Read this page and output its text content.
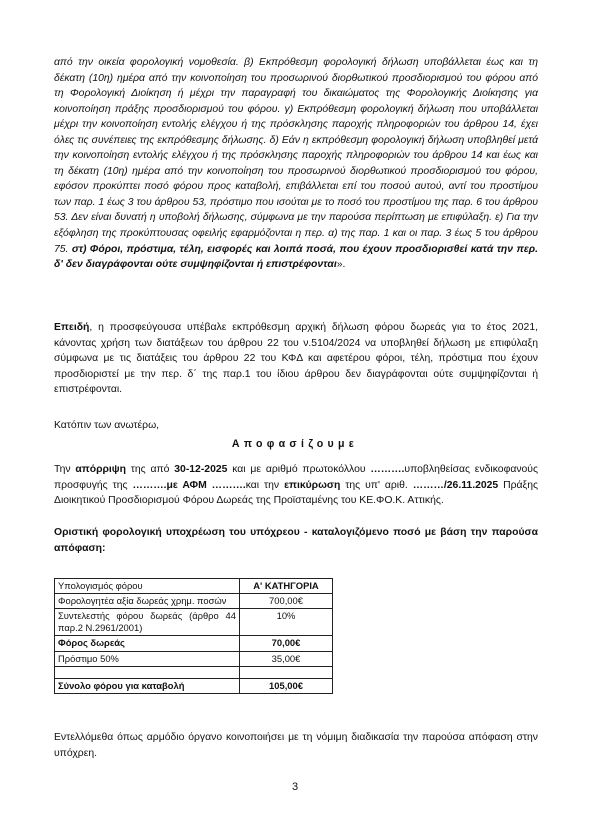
από την οικεία φορολογική νομοθεσία. β) Εκπρόθεσμη φορολογική δήλωση υποβάλλεται έως και τη δέκατη (10η) ημέρα από την κοινοποίηση του προσωρινού διορθωτικού προσδιορισμού του φόρου από τη Φορολογική Διοίκηση ή μέχρι την παραγραφή του δικαιώματος της Φορολογικής Διοίκησης για κοινοποίηση πράξης προσδιορισμού του φόρου. γ) Εκπρόθεσμη φορολογική δήλωση που υποβάλλεται μέχρι την κοινοποίηση εντολής ελέγχου ή της πρόσκλησης παροχής πληροφοριών του άρθρου 14, έχει όλες τις συνέπειες της εκπρόθεσμης δήλωσης. δ) Εάν η εκπρόθεσμη φορολογική δήλωση υποβληθεί μετά την κοινοποίηση εντολής ελέγχου ή της πρόσκλησης παροχής πληροφοριών του άρθρου 14 και έως και τη δέκατη (10η) ημέρα από την κοινοποίηση του προσωρινού διορθωτικού προσδιορισμού του φόρου, εφόσον προκύπτει ποσό φόρου προς καταβολή, επιβάλλεται επί του ποσού αυτού, αντί του προστίμου των παρ. 1 έως 3 του άρθρου 53, πρόστιμο που ισούται με το ποσό του προστίμου της παρ. 6 του άρθρου 53. Δεν είναι δυνατή η υποβολή δήλωσης, σύμφωνα με την παρούσα περίπτωση με επιφύλαξη. ε) Για την εξόφληση της προκύπτουσας οφειλής εφαρμόζονται η περ. α) της παρ. 1 και οι παρ. 3 έως 5 του άρθρου 75. στ) Φόροι, πρόστιμα, τέλη, εισφορές και λοιπά ποσά, που έχουν προσδιορισθεί κατά την περ. δ' δεν διαγράφονται ούτε συμψηφίζονται ή επιστρέφονται».

Επειδή, η προσφεύγουσα υπέβαλε εκπρόθεσμη αρχική δήλωση φόρου δωρεάς για το έτος 2021, κάνοντας χρήση των διατάξεων του άρθρου 22 του ν.5104/2024 να υποβληθεί δήλωση με επιφύλαξη σύμφωνα με τις διατάξεις του άρθρου 22 του ΚΦΔ και αφετέρου φόροι, τέλη, πρόστιμα που έχουν προσδιοριστεί με την περ. δ΄ της παρ.1 του ίδιου άρθρου δεν διαγράφονται ούτε συμψηφίζονται ή επιστρέφονται.

Κατόπιν των ανωτέρω,

Αποφασίζουμε

Την απόρριψη της από 30-12-2025 και με αριθμό πρωτοκόλλου ……….υποβληθείσας ενδικοφανούς προσφυγής της ……….με ΑΦΜ ……….και την επικύρωση της υπ' αριθ. ………/26.11.2025 Πράξης Διοικητικού Προσδιορισμού Φόρου Δωρεάς της Προϊσταμένης του ΚΕ.ΦΟ.Κ. Αττικής.

Οριστική φορολογική υποχρέωση του υπόχρεου - καταλογιζόμενο ποσό με βάση την παρούσα απόφαση:
Υπολογισμός φόρου	Α' ΚΑΤΗΓΟΡΙΑ
Φορολογητέα αξία δωρεάς χρημ. ποσών	700,00€
Συντελεστής φόρου δωρεάς (άρθρο 44 παρ.2 Ν.2961/2001)	10%
Φόρος δωρεάς	70,00€
Πρόστιμο 50%	35,00€

Σύνολο φόρου για καταβολή	105,00€

Εντελλόμεθα όπως αρμόδιο όργανο κοινοποιήσει με τη νόμιμη διαδικασία την παρούσα απόφαση στην υπόχρεη.

3
